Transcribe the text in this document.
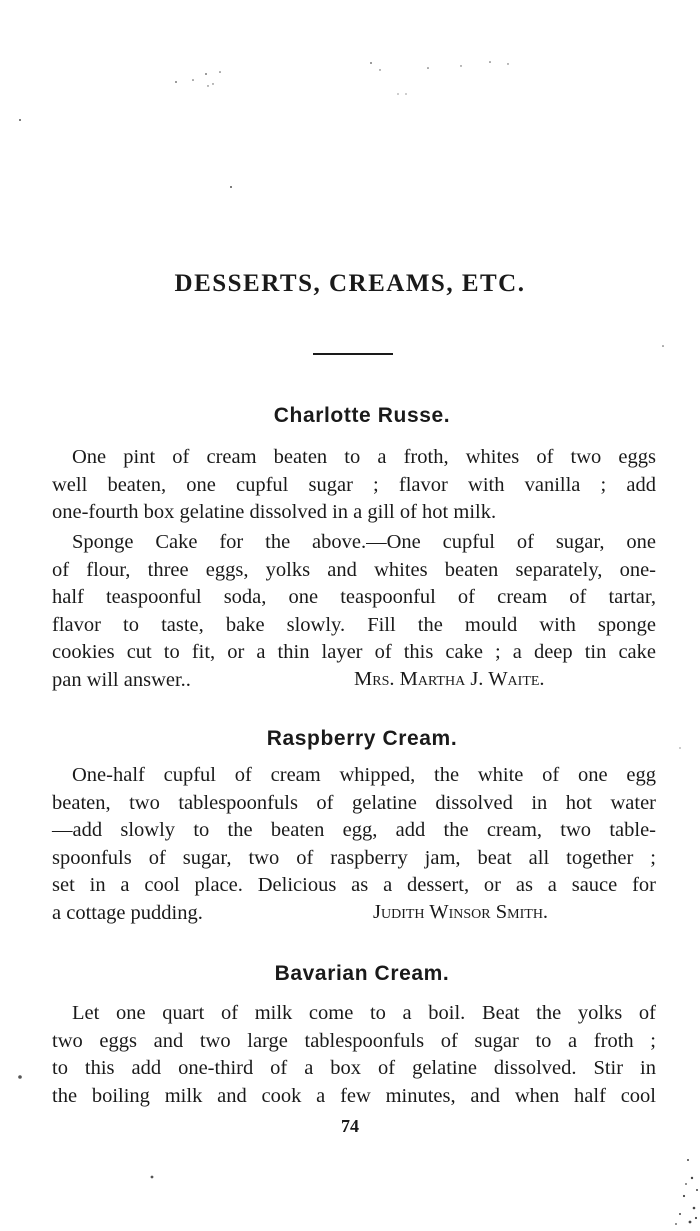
DESSERTS, CREAMS, ETC.
Charlotte Russe.

One pint of cream beaten to a froth, whites of two eggs
well beaten, one cupful sugar ; flavor with vanilla ; add
one-fourth box gelatine dissolved in a gill of hot milk.

Sponge Cake for the above.—One cupful of sugar, one
of flour, three eggs, yolks and whites beaten separately, one-
half teaspoonful soda, one teaspoonful of cream of tartar,
flavor to taste, bake slowly. Fill the mould with sponge
cookies cut to fit, or a thin layer of this cake ; a deep tin cake
pan will answer..	Mrs. Martha J. Waite.

Raspberry Cream.

One-half cupful of cream whipped, the white of one egg
beaten, two tablespoonfuls of gelatine dissolved in hot water
—add slowly to the beaten egg, add the cream, two table-
spoonfuls of sugar, two of raspberry jam, beat all together ;
set in a cool place. Delicious as a dessert, or as a sauce for
a cottage pudding.	Judith Winsor Smith.

Bavarian Cream.

Let one quart of milk come to a boil. Beat the yolks of
two eggs and two large tablespoonfuls of sugar to a froth ;
to this add one-third of a box of gelatine dissolved. Stir in
the boiling milk and cook a few minutes, and when half cool

74
